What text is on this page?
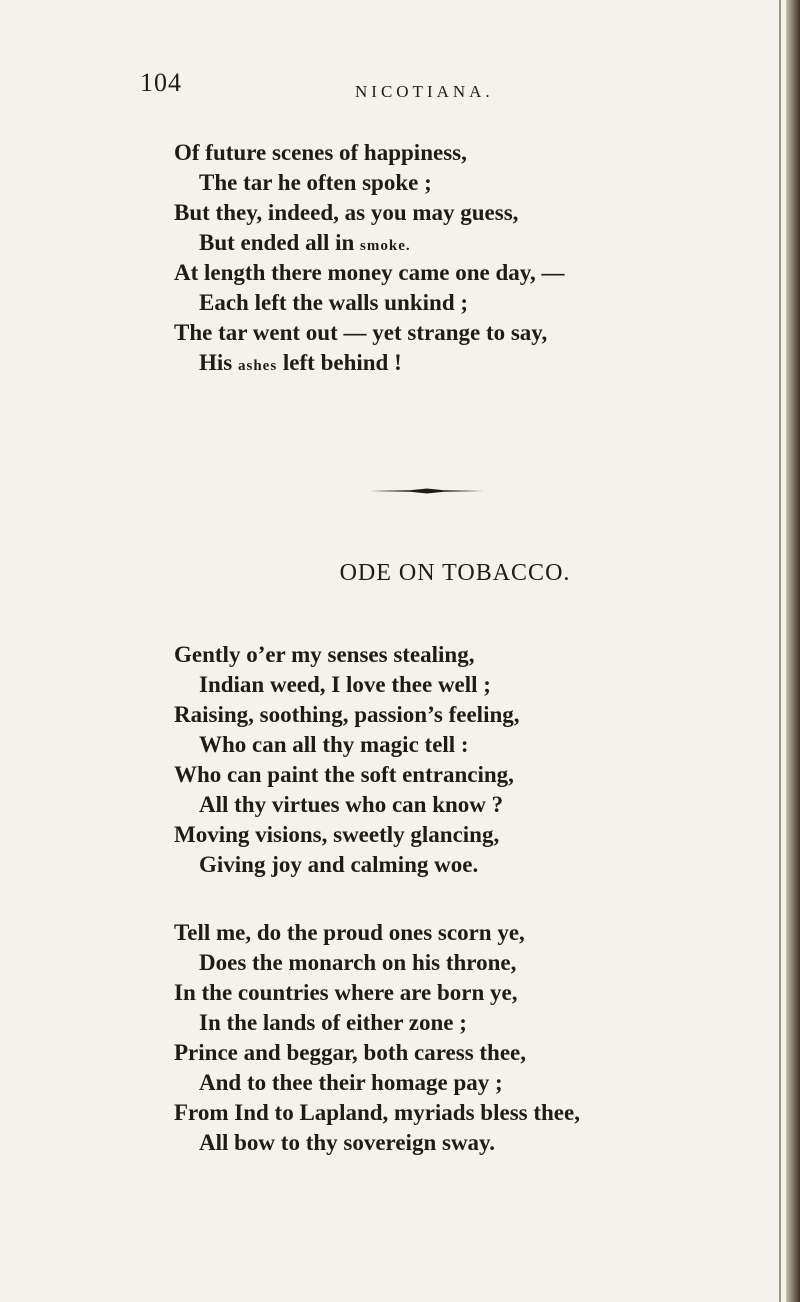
104	NICOTIANA.
Of future scenes of happiness,
The tar he often spoke ;
But they, indeed, as you may guess,
But ended all in smoke.
At length there money came one day, —
Each left the walls unkind ;
The tar went out — yet strange to say,
His ashes left behind !
ODE ON TOBACCO.
Gently o’er my senses stealing,
Indian weed, I love thee well ;
Raising, soothing, passion’s feeling,
Who can all thy magic tell :
Who can paint the soft entrancing,
All thy virtues who can know ?
Moving visions, sweetly glancing,
Giving joy and calming woe.
Tell me, do the proud ones scorn ye,
Does the monarch on his throne,
In the countries where are born ye,
In the lands of either zone ;
Prince and beggar, both caress thee,
And to thee their homage pay ;
From Ind to Lapland, myriads bless thee,
All bow to thy sovereign sway.
